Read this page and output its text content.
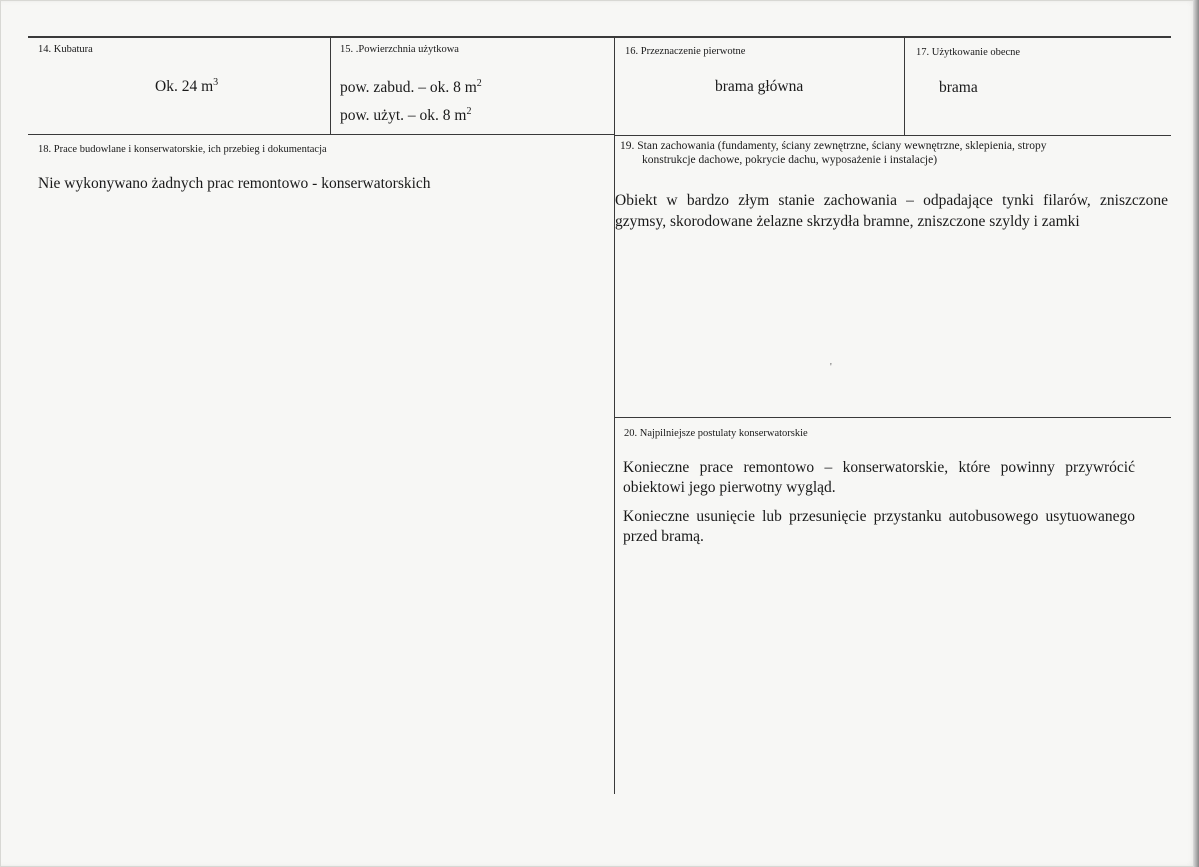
14. Kubatura
Ok. 24 $m^3$
15. .Powierzchnia użytkowa
pow. zabud. – ok. 8 $m^2$
pow. użyt. – ok. 8 $m^2$
16. Przeznaczenie pierwotne
brama główna
17. Użytkowanie obecne
brama
18. Prace budowlane i konserwatorskie, ich przebieg i dokumentacja
Nie wykonywano żadnych prac remontowo - konserwatorskich
19. Stan zachowania (fundamenty, ściany zewnętrzne, ściany wewnętrzne, sklepienia, stropy
konstrukcje dachowe, pokrycie dachu, wyposażenie i instalacje)
Obiekt w bardzo złym stanie zachowania – odpadające tynki filarów, zniszczone gzymsy, skorodowane żelazne skrzydła bramne, zniszczone szyldy i zamki
'
20. Najpilniejsze postulaty konserwatorskie
Konieczne prace remontowo – konserwatorskie, które powinny przywrócić obiektowi jego pierwotny wygląd.
Konieczne usunięcie lub przesunięcie przystanku autobusowego usytuowanego przed bramą.
